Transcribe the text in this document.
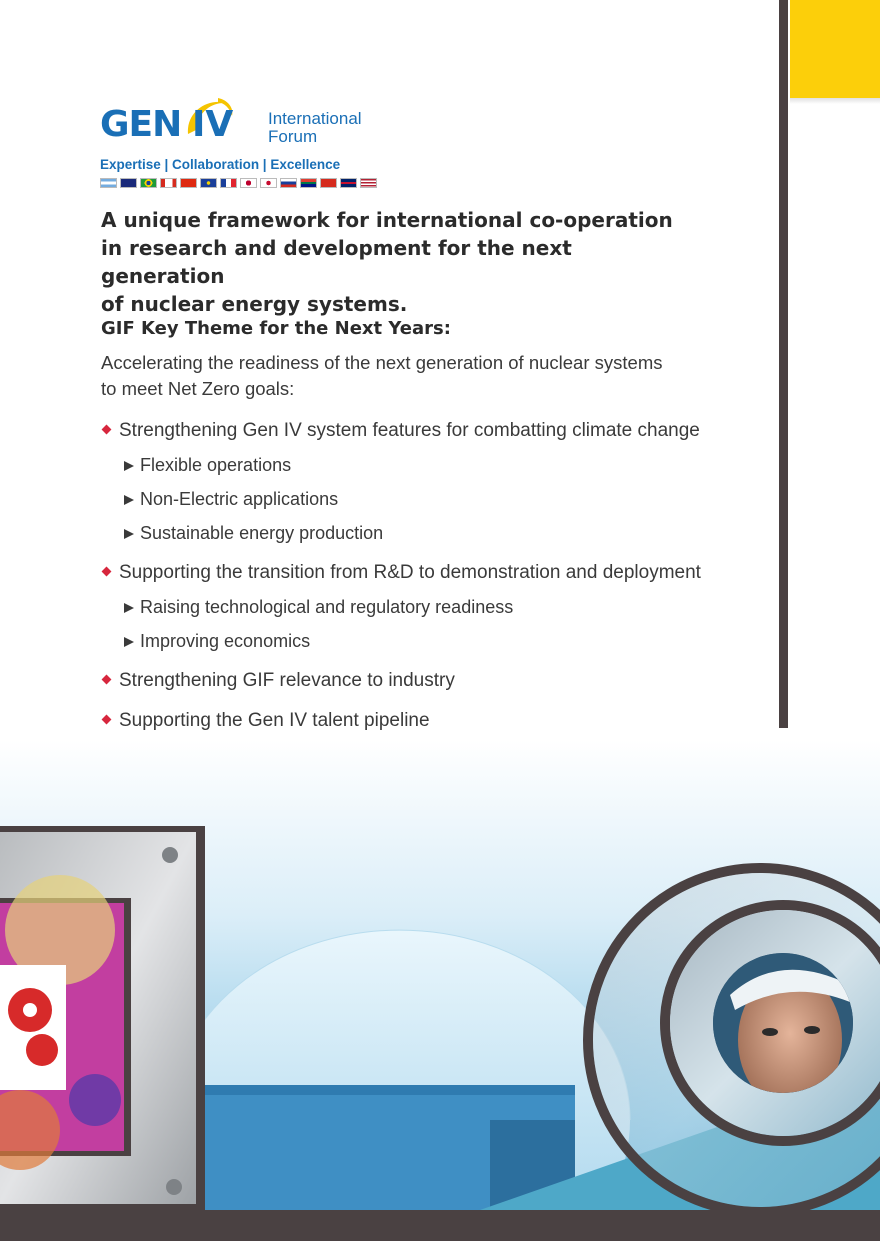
GEN IV International
Forum
Expertise | Collaboration | Excellence
A unique framework for international co-operation
in research and development for the next generation
of nuclear energy systems.
GIF Key Theme for the Next Years:
Accelerating the readiness of the next generation of nuclear systems
to meet Net Zero goals:
Strengthening Gen IV system features for combatting climate change
Flexible operations
Non-Electric applications
Sustainable energy production
Supporting the transition from R&D to demonstration and deployment
Raising technological and regulatory readiness
Improving economics
Strengthening GIF relevance to industry
Supporting the Gen IV talent pipeline
